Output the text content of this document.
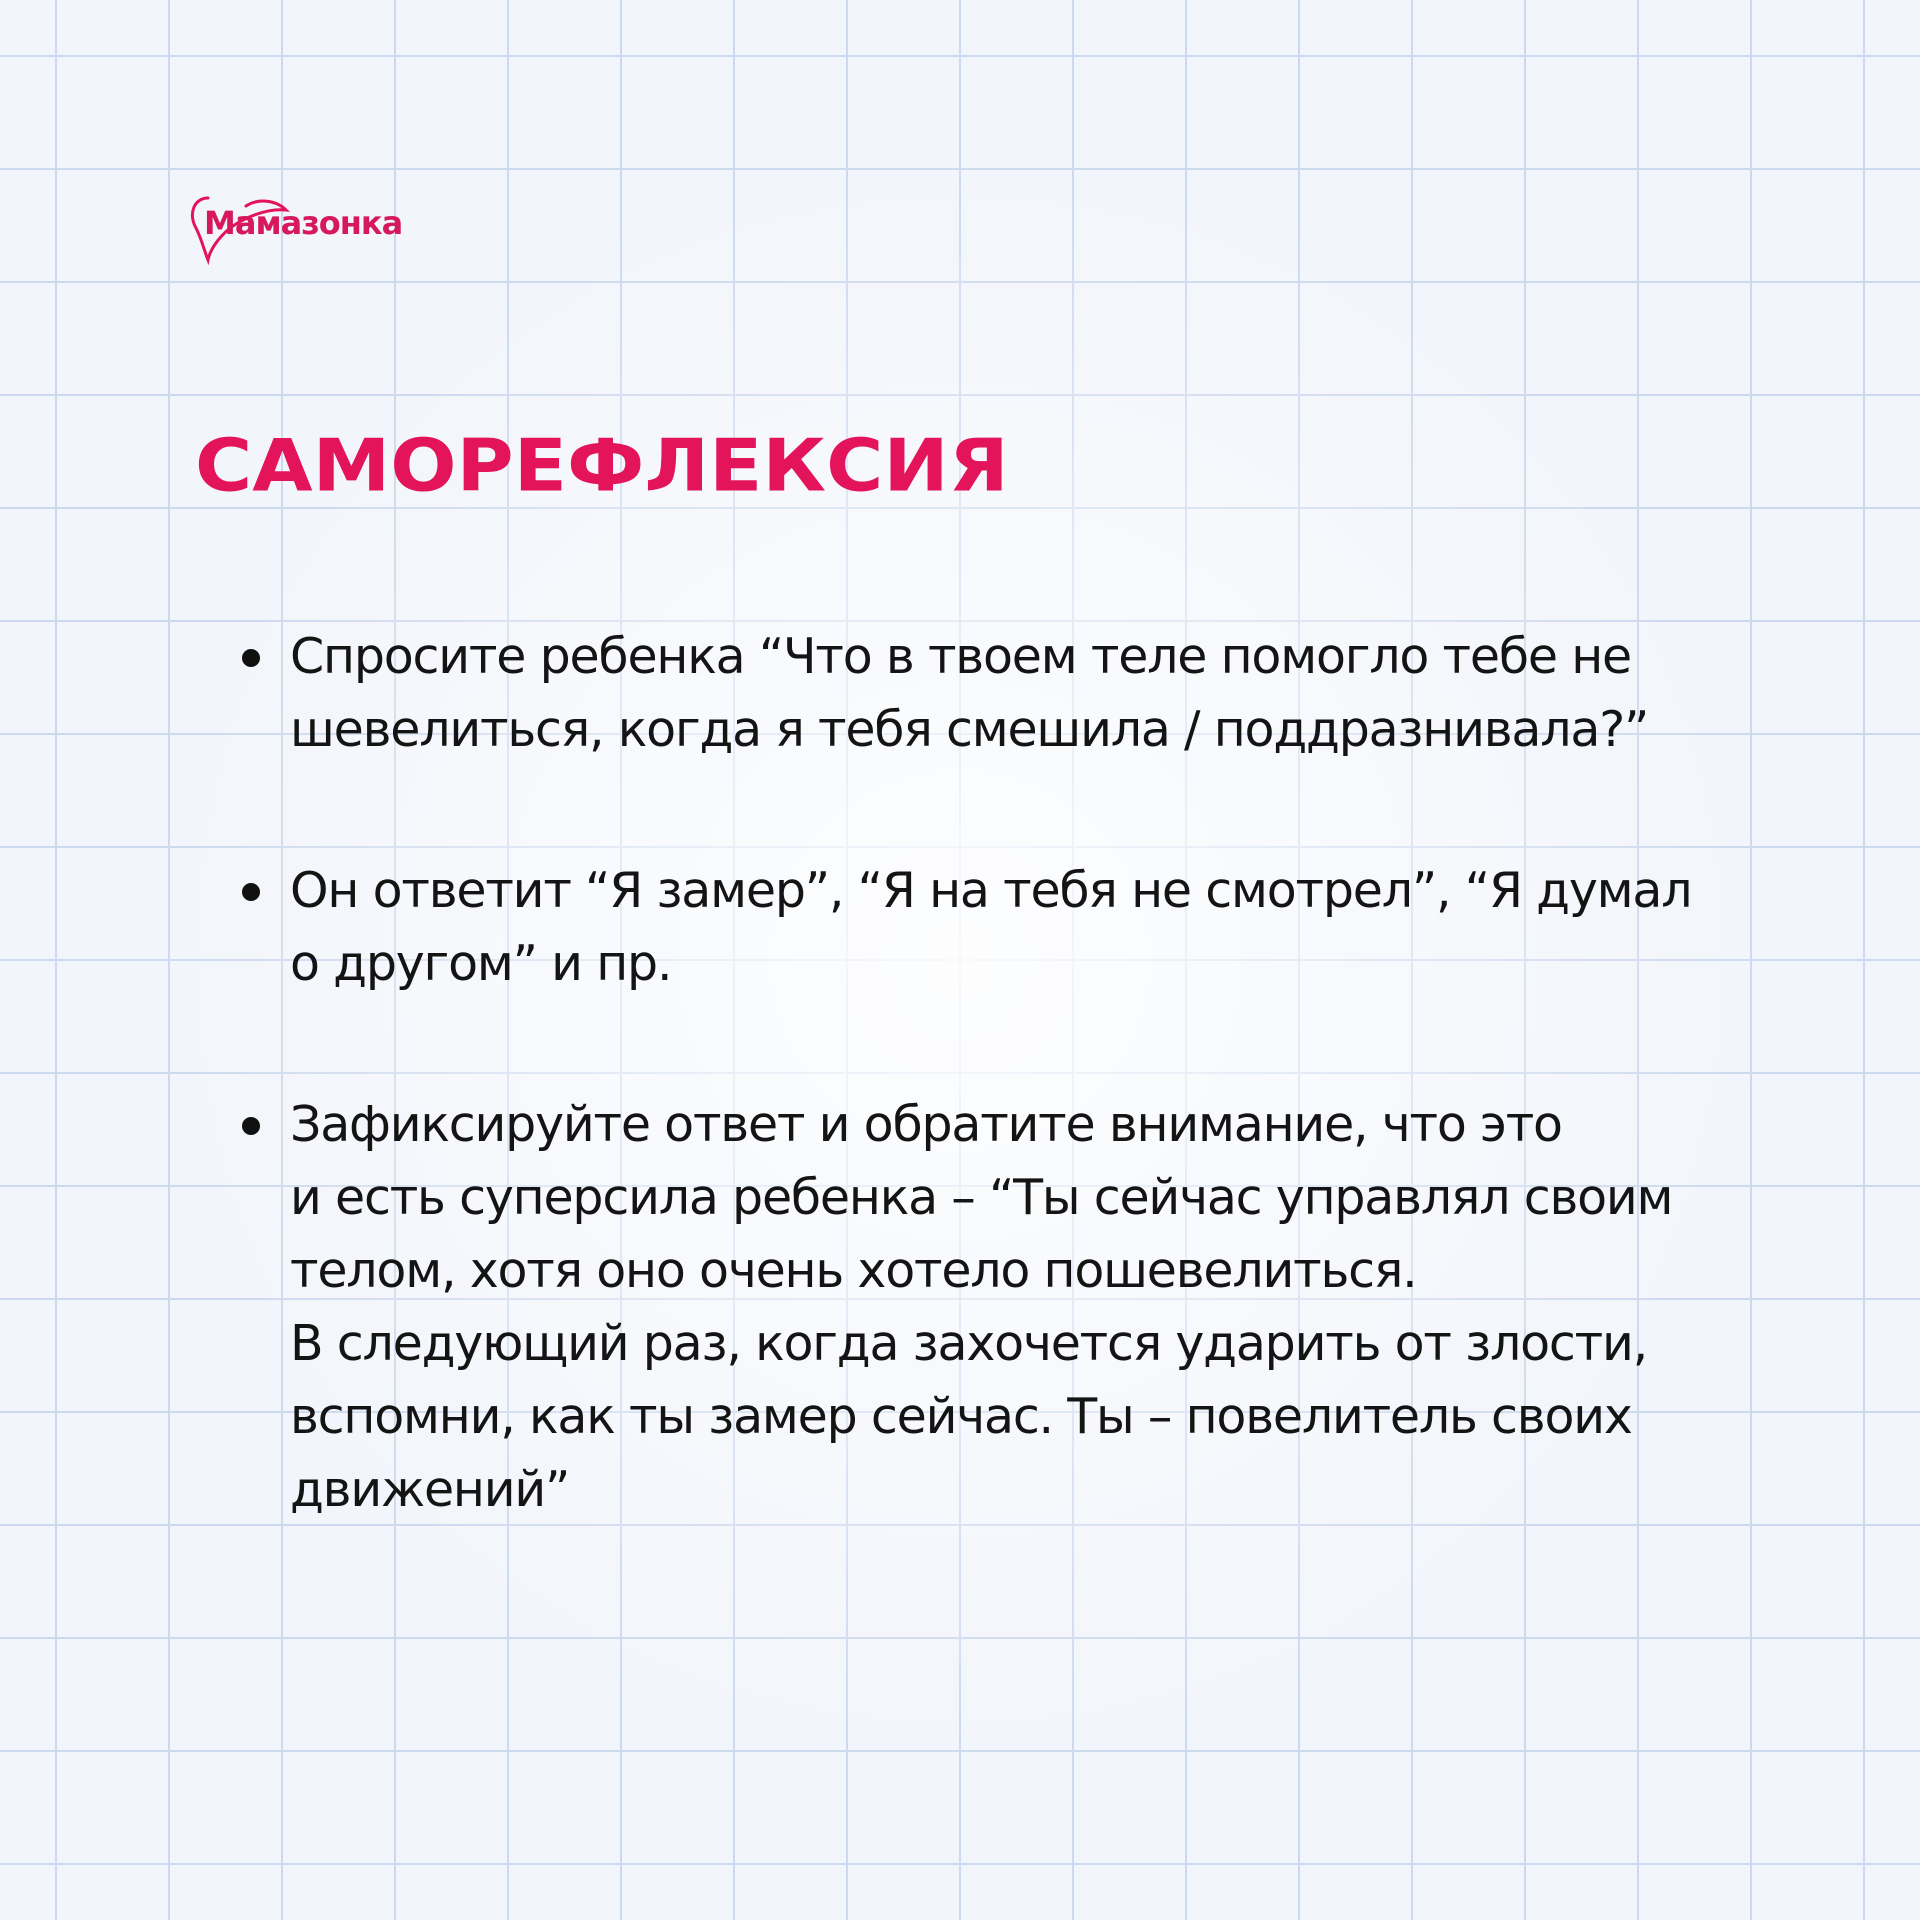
Мамазонка
САМОРЕФЛЕКСИЯ
Спросите ребенка “Что в твоем теле помогло тебе не
шевелиться, когда я тебя смешила / поддразнивала?”
Он ответит “Я замер”, “Я на тебя не смотрел”, “Я думал
о другом” и пр.
Зафиксируйте ответ и обратите внимание, что это
и есть суперсила ребенка – “Ты сейчас управлял своим
телом, хотя оно очень хотело пошевелиться.
В следующий раз, когда захочется ударить от злости,
вспомни, как ты замер сейчас. Ты – повелитель своих
движений”
